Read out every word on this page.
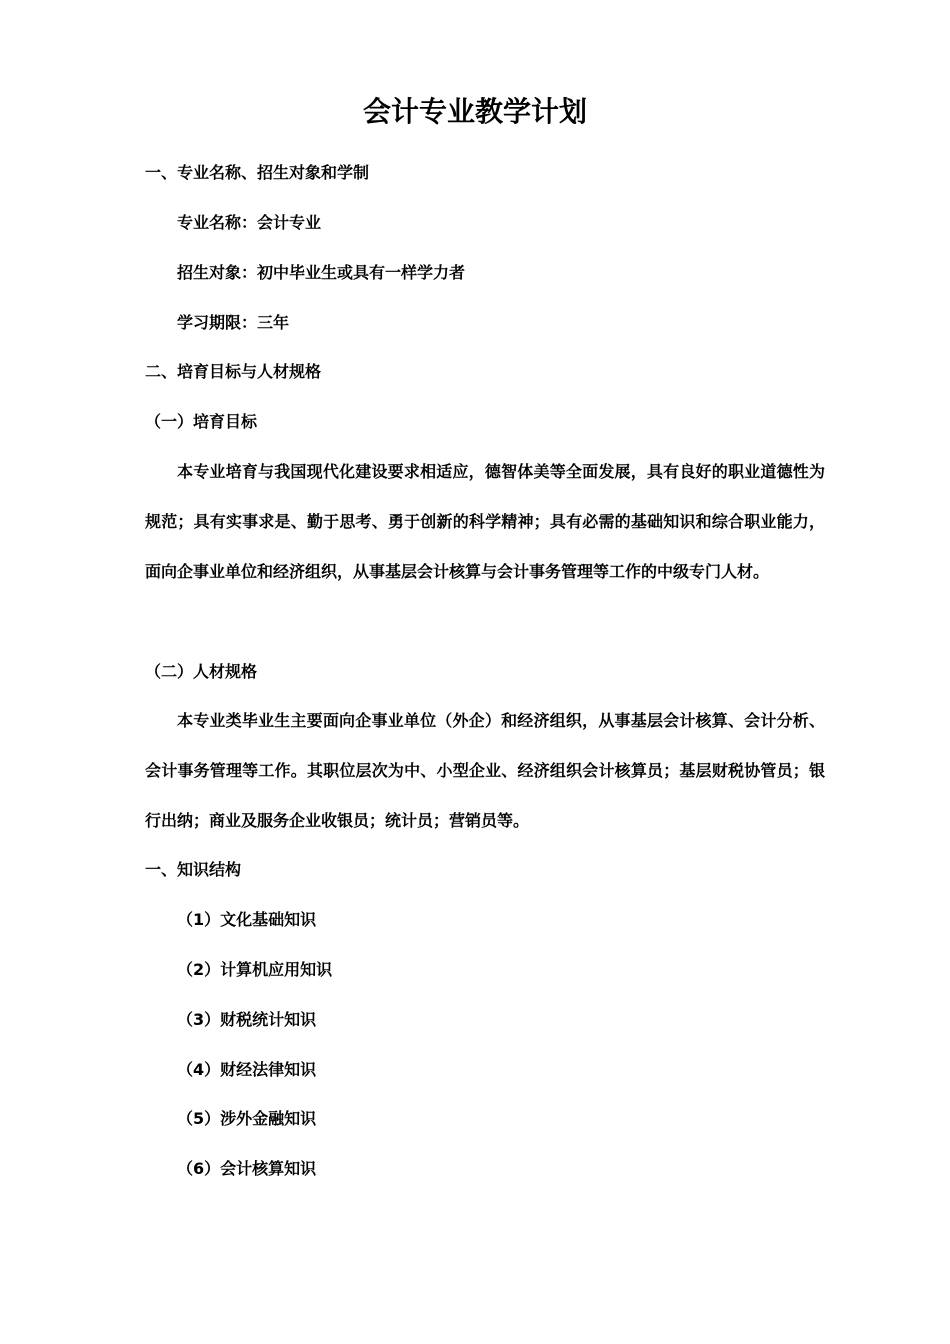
会计专业教学计划
一、专业名称、招生对象和学制
专业名称：会计专业
招生对象：初中毕业生或具有一样学力者
学习期限：三年
二、培育目标与人材规格
（一）培育目标
本专业培育与我国现代化建设要求相适应，德智体美等全面发展，具有良好的职业道德性为规范；具有实事求是、勤于思考、勇于创新的科学精神；具有必需的基础知识和综合职业能力，面向企事业单位和经济组织，从事基层会计核算与会计事务管理等工作的中级专门人材。
（二）人材规格
本专业类毕业生主要面向企事业单位（外企）和经济组织，从事基层会计核算、会计分析、会计事务管理等工作。其职位层次为中、小型企业、经济组织会计核算员；基层财税协管员；银行出纳；商业及服务企业收银员；统计员；营销员等。
一、知识结构
（1）文化基础知识
（2）计算机应用知识
（3）财税统计知识
（4）财经法律知识
（5）涉外金融知识
（6）会计核算知识
